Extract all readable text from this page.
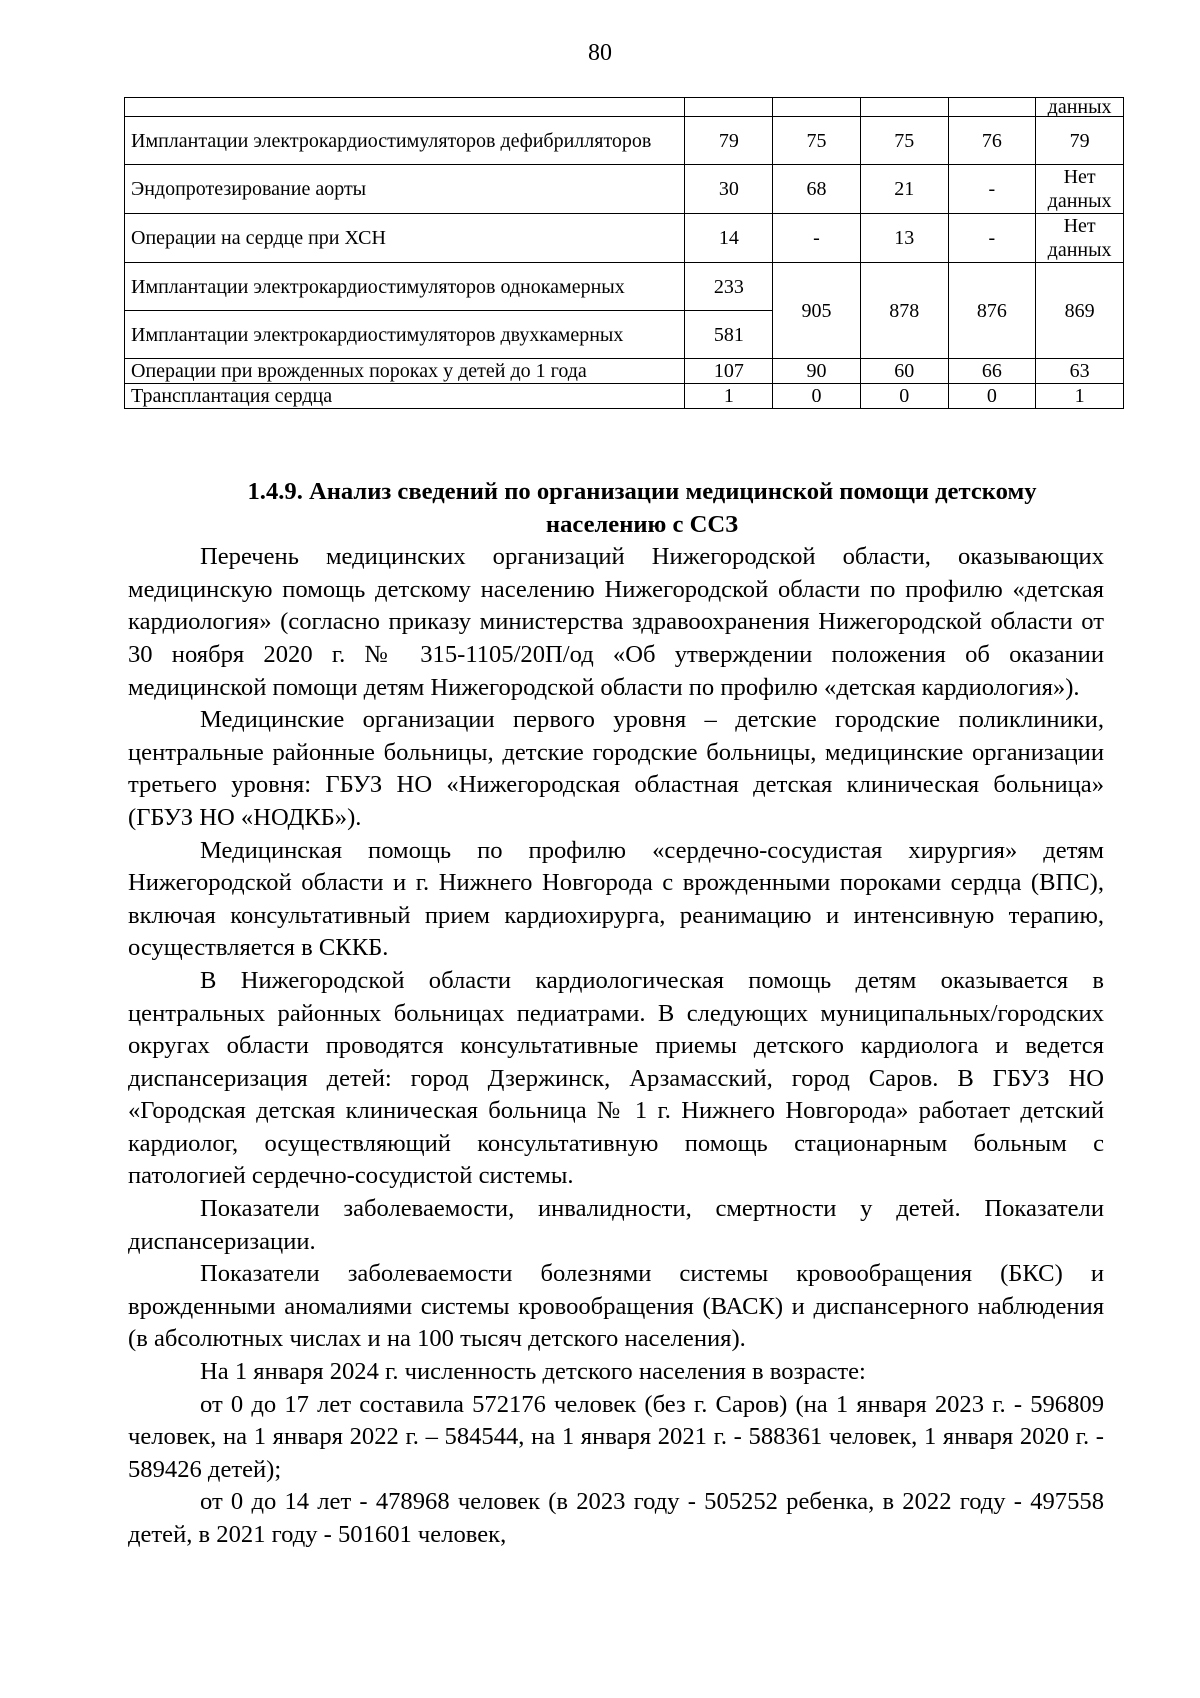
80
					данных
Имплантации электрокардиостимуляторов дефибрилляторов	79	75	75	76	79
Эндопротезирование аорты	30	68	21	-	Нет данных
Операции на сердце при ХСН	14	-	13	-	Нет данных
Имплантации электрокардиостимуляторов однокамерных	233	905	878	876	869
Имплантации электрокардиостимуляторов двухкамерных	581				
Операции при врожденных пороках у детей до 1 года	107	90	60	66	63
Трансплантация сердца	1	0	0	0	1
1.4.9. Анализ сведений по организации медицинской помощи детскому
населению с ССЗ

Перечень медицинских организаций Нижегородской области, оказывающих медицинскую помощь детскому населению Нижегородской области по профилю «детская кардиология» (согласно приказу министерства здравоохранения Нижегородской области от 30 ноября 2020 г. № 315-1105/20П/од «Об утверждении положения об оказании медицинской помощи детям Нижегородской области по профилю «детская кардиология»).

Медицинские организации первого уровня – детские городские поликлиники, центральные районные больницы, детские городские больницы, медицинские организации третьего уровня: ГБУЗ НО «Нижегородская областная детская клиническая больница» (ГБУЗ НО «НОДКБ»).

Медицинская помощь по профилю «сердечно-сосудистая хирургия» детям Нижегородской области и г. Нижнего Новгорода с врожденными пороками сердца (ВПС), включая консультативный прием кардиохирурга, реанимацию и интенсивную терапию, осуществляется в СККБ.

В Нижегородской области кардиологическая помощь детям оказывается в центральных районных больницах педиатрами. В следующих муниципальных/городских округах области проводятся консультативные приемы детского кардиолога и ведется диспансеризация детей: город Дзержинск, Арзамасский, город Саров. В ГБУЗ НО «Городская детская клиническая больница № 1 г. Нижнего Новгорода» работает детский кардиолог, осуществляющий консультативную помощь стационарным больным с патологией сердечно-сосудистой системы.

Показатели заболеваемости, инвалидности, смертности у детей. Показатели диспансеризации.

Показатели заболеваемости болезнями системы кровообращения (БКС) и врожденными аномалиями системы кровообращения (ВАСК) и диспансерного наблюдения (в абсолютных числах и на 100 тысяч детского населения).

На 1 января 2024 г. численность детского населения в возрасте:

от 0 до 17 лет составила 572176 человек (без г. Саров) (на 1 января 2023 г. - 596809 человек, на 1 января 2022 г. – 584544, на 1 января 2021 г. - 588361 человек, 1 января 2020 г. - 589426 детей);

от 0 до 14 лет - 478968 человек (в 2023 году - 505252 ребенка, в 2022 году - 497558 детей, в 2021 году - 501601 человек,
